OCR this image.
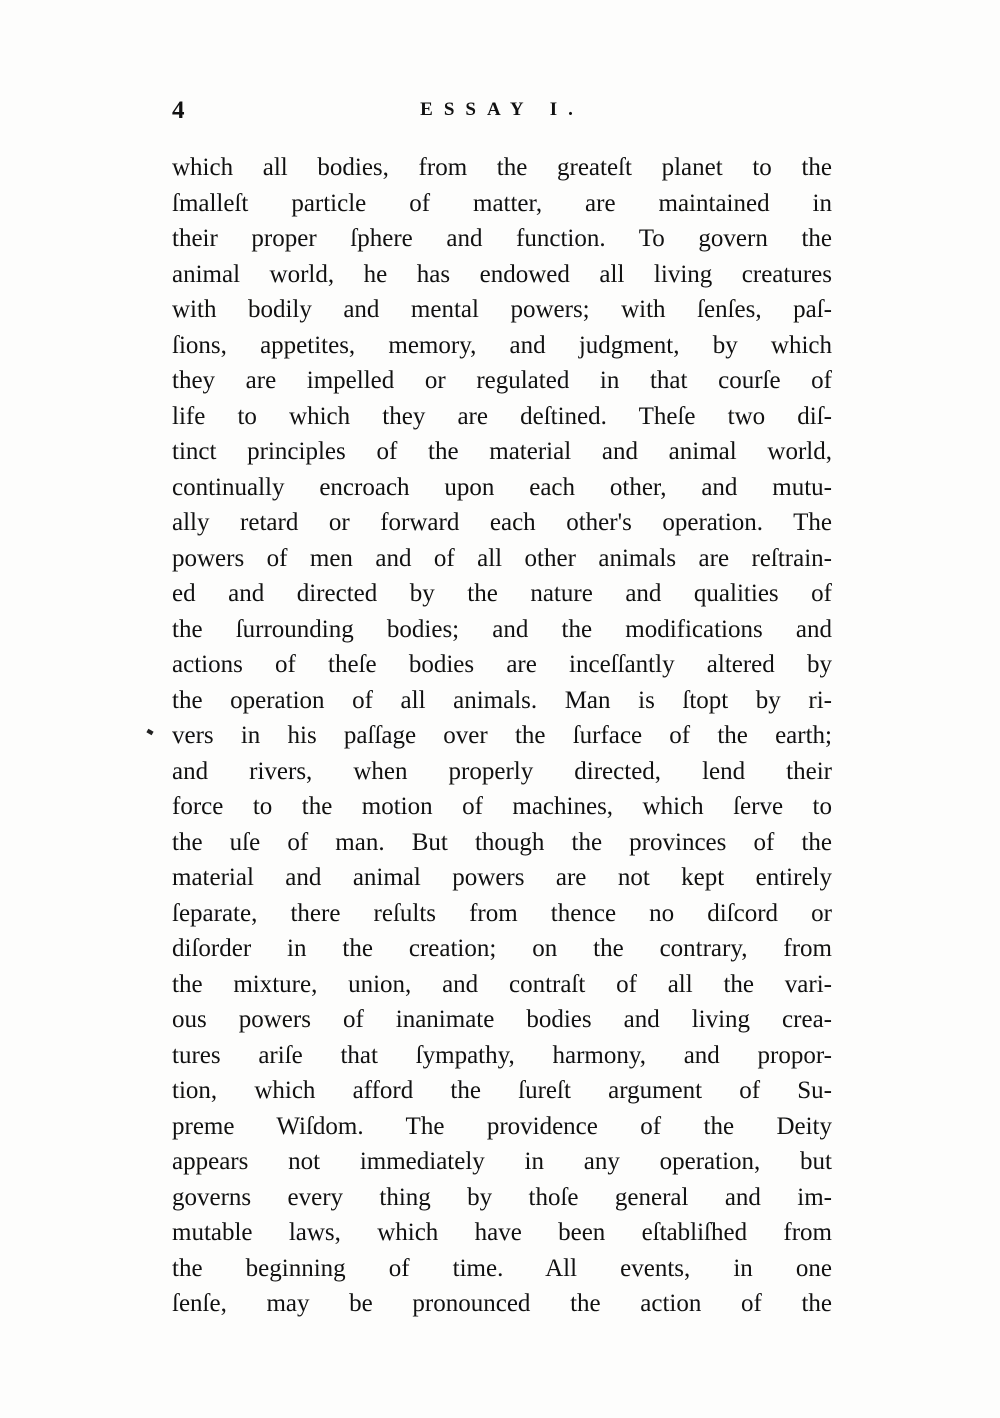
4	ESSAY I.
which all bodies, from the greateſt planet to the
ſmalleſt particle of matter, are maintained in
their proper ſphere and function. To govern the
animal world, he has endowed all living creatures
with bodily and mental powers; with ſenſes, paſ-
ſions, appetites, memory, and judgment, by which
they are impelled or regulated in that courſe of
life to which they are deſtined. Theſe two diſ-
tinct principles of the material and animal world,
continually encroach upon each other, and mutu-
ally retard or forward each other's operation. The
powers of men and of all other animals are reſtrain-
ed and directed by the nature and qualities of
the ſurrounding bodies; and the modifications and
actions of theſe bodies are inceſſantly altered by
the operation of all animals. Man is ſtopt by ri-
vers in his paſſage over the ſurface of the earth;
and rivers, when properly directed, lend their
force to the motion of machines, which ſerve to
the uſe of man. But though the provinces of the
material and animal powers are not kept entirely
ſeparate, there reſults from thence no diſcord or
diſorder in the creation; on the contrary, from
the mixture, union, and contraſt of all the vari-
ous powers of inanimate bodies and living crea-
tures ariſe that ſympathy, harmony, and propor-
tion, which afford the ſureſt argument of Su-
preme Wiſdom. The providence of the Deity
appears not immediately in any operation, but
governs every thing by thoſe general and im-
mutable laws, which have been eſtabliſhed from
the beginning of time. All events, in one
ſenſe, may be pronounced the action of the
